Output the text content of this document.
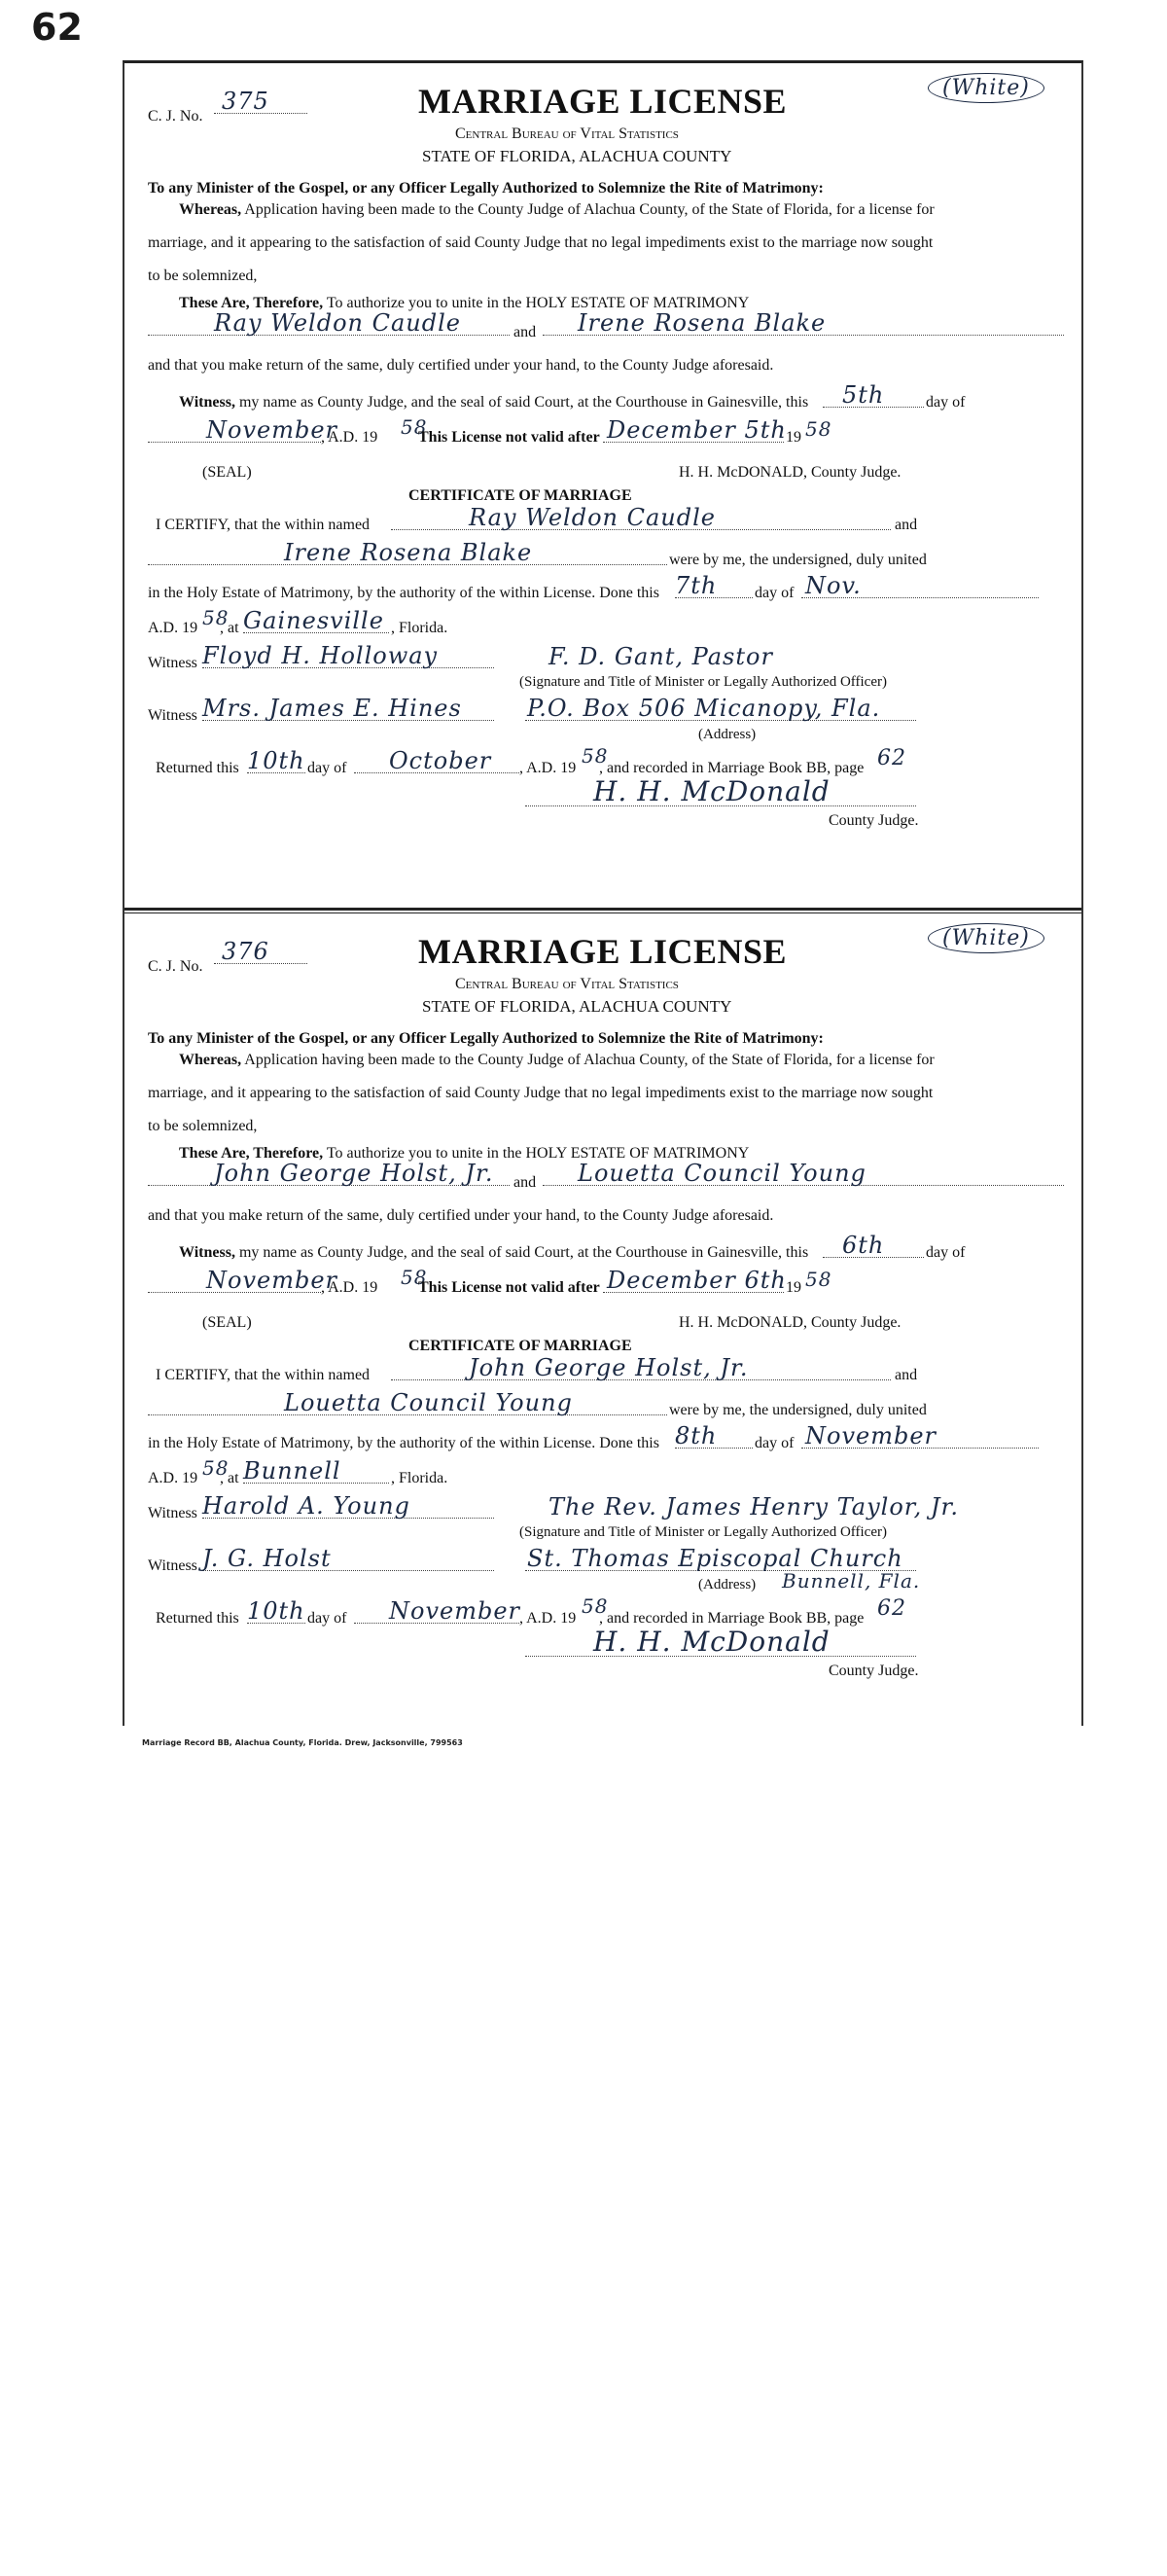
62
C. J. No.
375	(White)
MARRIAGE LICENSE
Central Bureau of Vital Statistics
STATE OF FLORIDA, ALACHUA COUNTY
To any Minister of the Gospel, or any Officer Legally Authorized to Solemnize the Rite of Matrimony:
Whereas, Application having been made to the County Judge of Alachua County, of the State of Florida, for a license for
marriage, and it appearing to the satisfaction of said County Judge that no legal impediments exist to the marriage now sought
to be solemnized,
These Are, Therefore, To authorize you to unite in the HOLY ESTATE OF MATRIMONY
Ray Weldon Caudle	and Irene Rosena Blake
and that you make return of the same, duly certified under your hand, to the County Judge aforesaid.
Witness, my name as County Judge, and the seal of said Court, at the Courthouse in Gainesville, this 5th	day of
November
, A.D. 19 58
This License not valid after December 5th 19 58
(SEAL)	H. H. McDONALD, County Judge.
CERTIFICATE OF MARRIAGE
I CERTIFY, that the within named	Ray Weldon Caudle	and
Irene Rosena Blake	were by me, the undersigned, duly united
in the Holy Estate of Matrimony, by the authority of the within License. Done this 7th day of Nov.
A.D. 19 58
, at Gainesville , Florida.
Witness Floyd H. Holloway	F. D. Gant, Pastor
(Signature and Title of Minister or Legally Authorized Officer)
Witness Mrs. James E. Hines	P.O. Box 506 Micanopy, Fla.
(Address)
Returned this 10th day of October , A.D. 19
58
, and recorded in Marriage Book BB, page 62
H. H. McDonald
County Judge.
C. J. No.
376	(White)
MARRIAGE LICENSE
Central Bureau of Vital Statistics
STATE OF FLORIDA, ALACHUA COUNTY
To any Minister of the Gospel, or any Officer Legally Authorized to Solemnize the Rite of Matrimony:
Whereas, Application having been made to the County Judge of Alachua County, of the State of Florida, for a license for
marriage, and it appearing to the satisfaction of said County Judge that no legal impediments exist to the marriage now sought
to be solemnized,
These Are, Therefore, To authorize you to unite in the HOLY ESTATE OF MATRIMONY
John George Holst, Jr. and Louetta Council Young
and that you make return of the same, duly certified under your hand, to the County Judge aforesaid.
Witness, my name as County Judge, and the seal of said Court, at the Courthouse in Gainesville, this 6th	day of
November
, A.D. 19 58
This License not valid after December 6th 19 58
(SEAL)	H. H. McDONALD, County Judge.
CERTIFICATE OF MARRIAGE
I CERTIFY, that the within named	John George Holst, Jr.	and
Louetta Council Young	were by me, the undersigned, duly united
in the Holy Estate of Matrimony, by the authority of the within License. Done this 8th day of November
A.D. 19 58
, at Bunnell	, Florida.
Witness Harold A. Young	The Rev. James Henry Taylor, Jr.
(Signature and Title of Minister or Legally Authorized Officer)
Witness J. G. Holst	St. Thomas Episcopal Church
(Address) Bunnell, Fla.
Returned this 10th day of November
, A.D. 19
58
, and recorded in Marriage Book BB, page 62
H. H. McDonald
County Judge.
Marriage Record BB, Alachua County, Florida. Drew, Jacksonville, 799563
